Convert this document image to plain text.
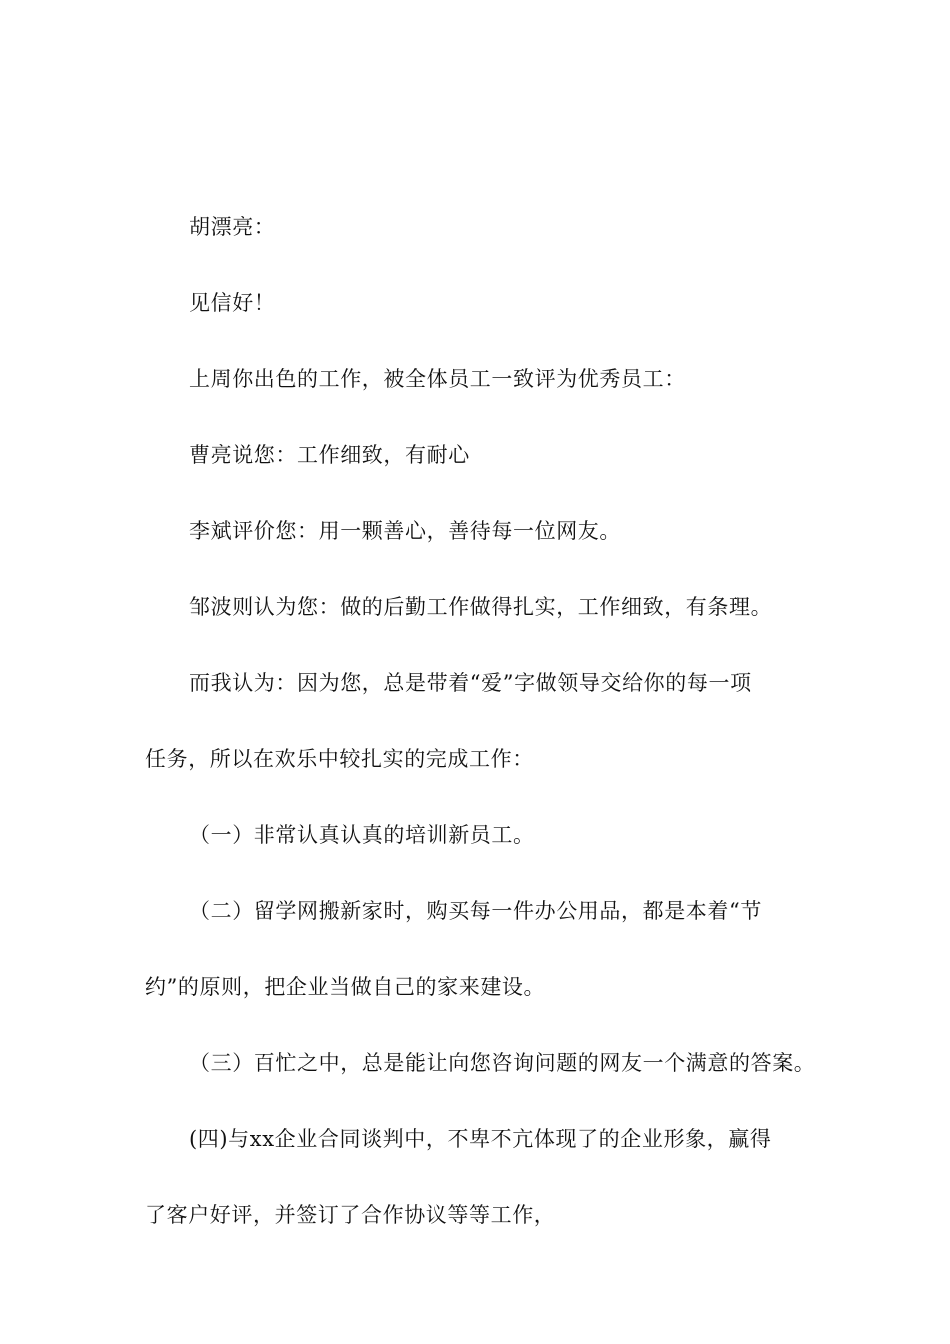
胡漂亮：
见信好！
上周你出色的工作，被全体员工一致评为优秀员工：
曹亮说您：工作细致，有耐心
李斌评价您：用一颗善心，善待每一位网友。
邹波则认为您：做的后勤工作做得扎实，工作细致，有条理。
而我认为：因为您，总是带着“爱”字做领导交给你的每一项
任务，所以在欢乐中较扎实的完成工作：
（一）非常认真认真的培训新员工。
（二）留学网搬新家时，购买每一件办公用品，都是本着“节
约”的原则，把企业当做自己的家来建设。
（三）百忙之中，总是能让向您咨询问题的网友一个满意的答案。
(四)与xx企业合同谈判中，不卑不亢体现了的企业形象，赢得
了客户好评，并签订了合作协议等等工作，
